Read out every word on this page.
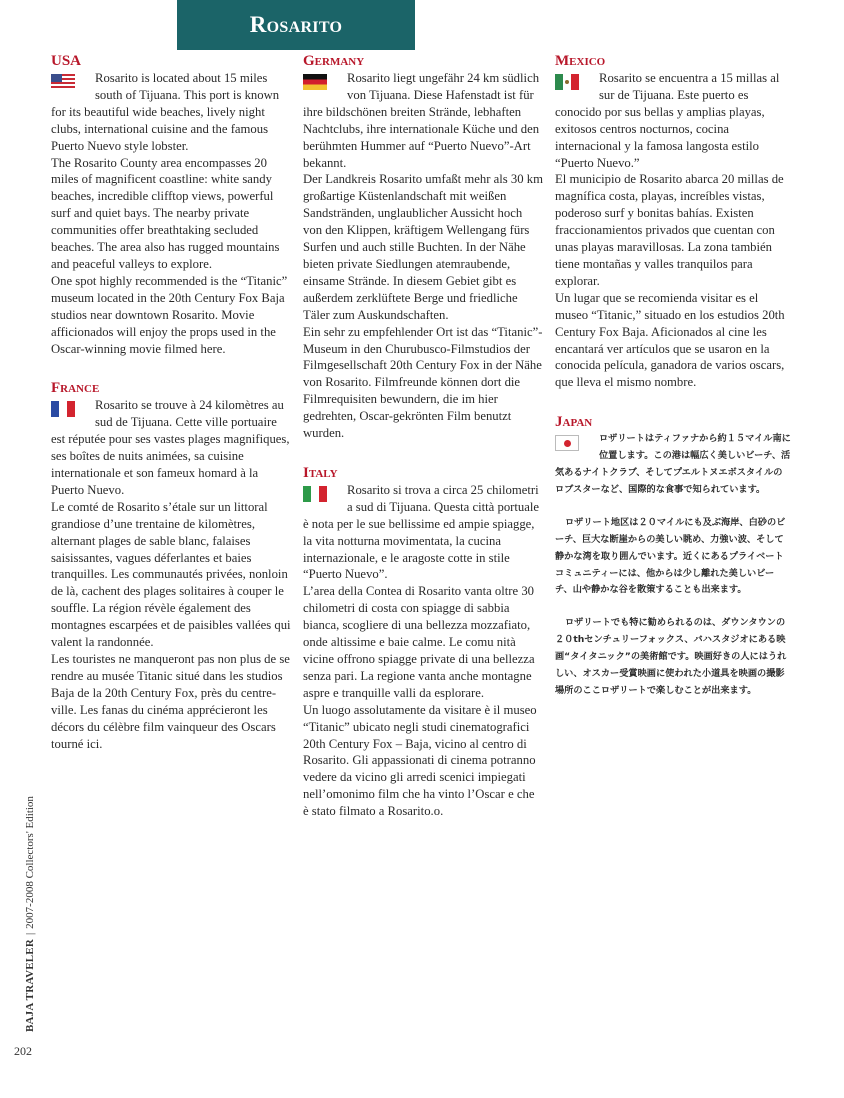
Rosarito
USA

Rosarito is located about 15 miles south of Tijuana. This port is known for its beautiful wide beaches, lively night clubs, international cuisine and the famous Puerto Nuevo style lobster.

The Rosarito County area encompasses 20 miles of magnificent coastline: white sandy beaches, incredible clifftop views, powerful surf and quiet bays. The nearby private communities offer breathtaking secluded beaches. The area also has rugged mountains and peaceful valleys to explore.

One spot highly recommended is the “Titanic” museum located in the 20th Century Fox Baja studios near downtown Rosarito. Movie afficionados will enjoy the props used in the Oscar-winning movie filmed here.

France

Rosarito se trouve à 24 kilomètres au sud de Tijuana. Cette ville portuaire est réputée pour ses vastes plages magnifiques, ses boîtes de nuits animées, sa cuisine internationale et son fameux homard à la Puerto Nuevo.

Le comté de Rosarito s’étale sur un littoral grandiose d’une trentaine de kilomètres, alternant plages de sable blanc, falaises saisissantes, vagues déferlantes et baies tranquilles. Les communautés privées, nonloin de là, cachent des plages solitaires à couper le souffle. La région révèle également des montagnes escarpées et de paisibles vallées qui valent la randonnée.

Les touristes ne manqueront pas non plus de se rendre au musée Titanic situé dans les studios Baja de la 20th Century Fox, près du centre-ville. Les fanas du cinéma apprécieront les décors du célèbre film vainqueur des Oscars tourné ici.

Germany

Rosarito liegt ungefähr 24 km südlich von Tijuana. Diese Hafenstadt ist für ihre bildschönen breiten Strände, lebhaften Nachtclubs, ihre internationale Küche und den berühmten Hummer auf “Puerto Nuevo”-Art bekannt.

Der Landkreis Rosarito umfaßt mehr als 30 km großartige Küstenlandschaft mit weißen Sandstränden, unglaublicher Aussicht hoch von den Klippen, kräftigem Wellengang fürs Surfen und auch stille Buchten. In der Nähe bieten private Siedlungen atemraubende, einsame Strände. In diesem Gebiet gibt es außerdem zerklüftete Berge und friedliche Täler zum Auskundschaften.

Ein sehr zu empfehlender Ort ist das “Titanic”-Museum in den Churubusco-Filmstudios der Filmgesellschaft 20th Century Fox in der Nähe von Rosarito. Filmfreunde können dort die Filmrequisiten bewundern, die im hier gedrehten, Oscar-gekrönten Film benutzt wurden.

Italy

Rosarito si trova a circa 25 chilometri a sud di Tijuana. Questa città portuale è nota per le sue bellissime ed ampie spiagge, la vita notturna movimentata, la cucina internazionale, e le aragoste cotte in stile “Puerto Nuevo”.

L’area della Contea di Rosarito vanta oltre 30 chilometri di costa con spiagge di sabbia bianca, scogliere di una bellezza mozzafiato, onde altissime e baie calme. Le comu nità vicine offrono spiagge private di una bellezza senza pari. La regione vanta anche montagne aspre e tranquille valli da esplorare.

Un luogo assolutamente da visitare è il museo “Titanic” ubicato negli studi cinematografici 20th Century Fox – Baja, vicino al centro di Rosarito. Gli appassionati di cinema potranno vedere da vicino gli arredi scenici impiegati nell’omonimo film che ha vinto l’Oscar e che è stato filmato a Rosarito.o.

Mexico

Rosarito se encuentra a 15 millas al sur de Tijuana. Este puerto es conocido por sus bellas y amplias playas, exitosos centros nocturnos, cocina internacional y la famosa langosta estilo “Puerto Nuevo.”

El municipio de Rosarito abarca 20 millas de magnífica costa, playas, increíbles vistas, poderoso surf y bonitas bahías. Existen fraccionamientos privados que cuentan con unas playas maravillosas. La zona también tiene montañas y valles tranquilos para explorar.

Un lugar que se recomienda visitar es el museo “Titanic,” situado en los estudios 20th Century Fox Baja. Aficionados al cine les encantará ver artículos que se usaron en la conocida película, ganadora de varios oscars, que lleva el mismo nombre.

Japan

ロザリートはティファナから約１５マイル南に位置します。この港は幅広く美しいビーチ、活気あるナイトクラブ、そしてプエルトヌエボスタイルのロブスターなど、国際的な食事で知られています。

ロザリート地区は２０マイルにも及ぶ海岸、白砂のビーチ、巨大な断崖からの美しい眺め、力強い波、そして静かな湾を取り囲んでいます。近くにあるプライベートコミュニティーには、他からは少し離れた美しいビーチ、山や静かな谷を散策することも出来ます。

ロザリートでも特に勧められるのは、ダウンタウンの２０thセンチュリーフォックス、バハスタジオにある映画“タイタニック”の美術館です。映画好きの人にはうれしい、オスカー受賞映画に使われた小道具を映画の撮影場所のここロザリートで楽しむことが出来ます。

BAJA TRAVELER|2007-2008 Collectors' Edition
202
